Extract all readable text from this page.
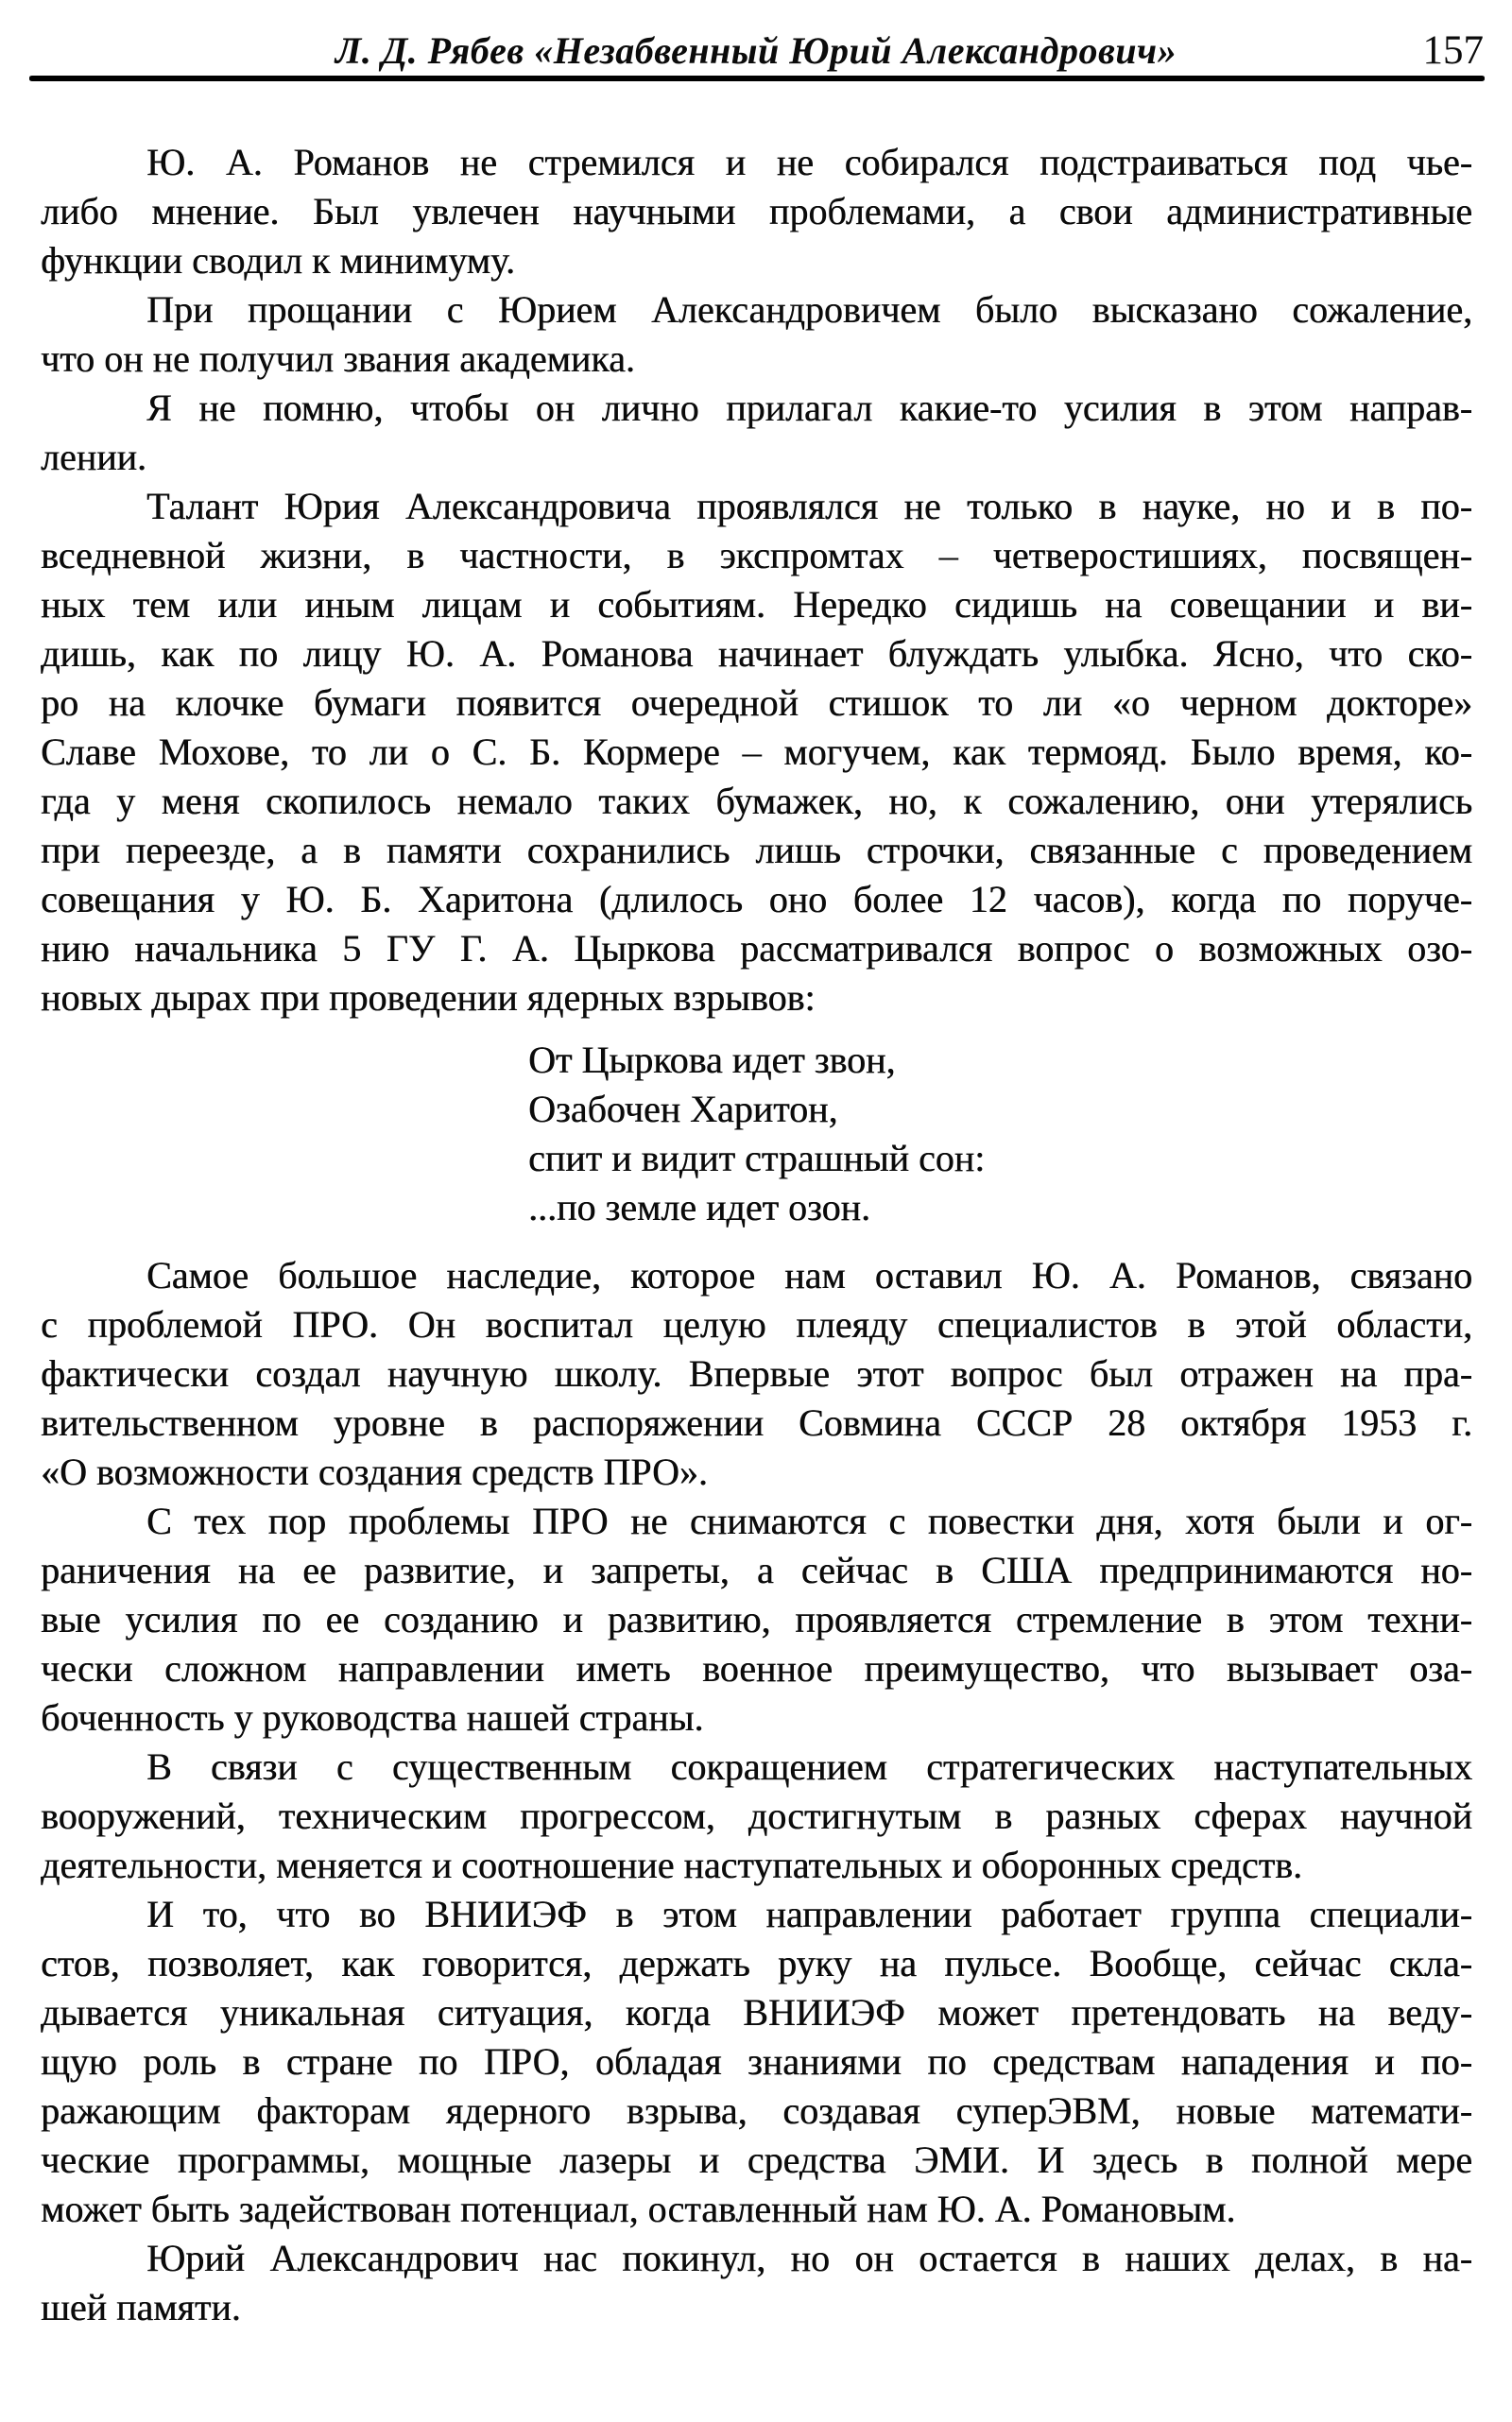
Л. Д. Рябев «Незабвенный Юрий Александрович»	157
Ю. А. Романов не стремился и не собирался подстраиваться под чье-
либо мнение. Был увлечен научными проблемами, а свои административные
функции сводил к минимуму.
При прощании с Юрием Александровичем было высказано сожаление,
что он не получил звания академика.
Я не помню, чтобы он лично прилагал какие-то усилия в этом направ-
лении.
Талант Юрия Александровича проявлялся не только в науке, но и в по-
вседневной жизни, в частности, в экспромтах – четверостишиях, посвящен-
ных тем или иным лицам и событиям. Нередко сидишь на совещании и ви-
дишь, как по лицу Ю. А. Романова начинает блуждать улыбка. Ясно, что ско-
ро на клочке бумаги появится очередной стишок то ли «о черном докторе»
Славе Мохове, то ли о С. Б. Кормере – могучем, как термояд. Было время, ко-
гда у меня скопилось немало таких бумажек, но, к сожалению, они утерялись
при переезде, а в памяти сохранились лишь строчки, связанные с проведением
совещания у Ю. Б. Харитона (длилось оно более 12 часов), когда по поруче-
нию начальника 5 ГУ Г. А. Цыркова рассматривался вопрос о возможных озо-
новых дырах при проведении ядерных взрывов:
От Цыркова идет звон,
Озабочен Харитон,
спит и видит страшный сон:
...по земле идет озон.
Самое большое наследие, которое нам оставил Ю. А. Романов, связано
с проблемой ПРО. Он воспитал целую плеяду специалистов в этой области,
фактически создал научную школу. Впервые этот вопрос был отражен на пра-
вительственном уровне в распоряжении Совмина СССР 28 октября 1953 г.
«О возможности создания средств ПРО».
С тех пор проблемы ПРО не снимаются с повестки дня, хотя были и ог-
раничения на ее развитие, и запреты, а сейчас в США предпринимаются но-
вые усилия по ее созданию и развитию, проявляется стремление в этом техни-
чески сложном направлении иметь военное преимущество, что вызывает оза-
боченность у руководства нашей страны.
В связи с существенным сокращением стратегических наступательных
вооружений, техническим прогрессом, достигнутым в разных сферах научной
деятельности, меняется и соотношение наступательных и оборонных средств.
И то, что во ВНИИЭФ в этом направлении работает группа специали-
стов, позволяет, как говорится, держать руку на пульсе. Вообще, сейчас скла-
дывается уникальная ситуация, когда ВНИИЭФ может претендовать на веду-
щую роль в стране по ПРО, обладая знаниями по средствам нападения и по-
ражающим факторам ядерного взрыва, создавая суперЭВМ, новые математи-
ческие программы, мощные лазеры и средства ЭМИ. И здесь в полной мере
может быть задействован потенциал, оставленный нам Ю. А. Романовым.
Юрий Александрович нас покинул, но он остается в наших делах, в на-
шей памяти.
